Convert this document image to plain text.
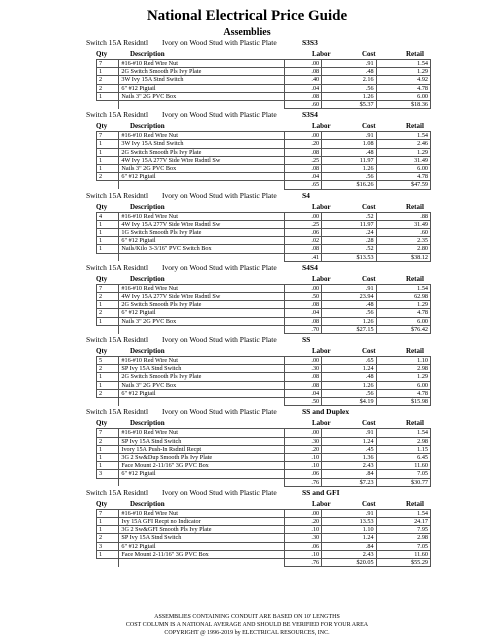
National Electrical Price Guide
Assemblies
Switch 15A Residntl Ivory on Wood Stud with Plastic Plate	S3S3
Qty	Description	Labor	Cost	Retail
7	#16-#10 Red Wire Nut	.00	.91	1.54
1	2G Switch Smooth Pls Ivy Plate	.08	.48	1.29
2	3W Ivy 15A Stnd Switch	.40	2.16	4.92
2	6" #12 Pigtail	.04	.56	4.78
1	Nails 3" 2G PVC Box	.08	1.26	6.00
		.60	$5.37	$18.36
Switch 15A Residntl Ivory on Wood Stud with Plastic Plate	S3S4
Qty	Description	Labor	Cost	Retail
7	#16-#10 Red Wire Nut	.00	.91	1.54
1	3W Ivy 15A Stnd Switch	.20	1.08	2.46
1	2G Switch Smooth Pls Ivy Plate	.08	.48	1.29
1	4W Ivy 15A 277V Side Wire Rsdntl Sw	.25	11.97	31.49
1	Nails 3" 2G PVC Box	.08	1.26	6.00
2	6" #12 Pigtail	.04	.56	4.78
		.65	$16.26	$47.59
Switch 15A Residntl Ivory on Wood Stud with Plastic Plate	S4
Qty	Description	Labor	Cost	Retail
4	#16-#10 Red Wire Nut	.00	.52	.88
1	4W Ivy 15A 277V Side Wire Rsdntl Sw	.25	11.97	31.49
1	1G Switch Smooth Pls Ivy Plate	.06	.24	.60
1	6" #12 Pigtail	.02	.28	2.35
1	Nails/Kilo 3-3/16" PVC Switch Box	.08	.52	2.80
		.41	$13.53	$38.12
Switch 15A Residntl Ivory on Wood Stud with Plastic Plate	S4S4
Qty	Description	Labor	Cost	Retail
7	#16-#10 Red Wire Nut	.00	.91	1.54
2	4W Ivy 15A 277V Side Wire Rsdntl Sw	.50	23.94	62.98
1	2G Switch Smooth Pls Ivy Plate	.08	.48	1.29
2	6" #12 Pigtail	.04	.56	4.78
1	Nails 3" 2G PVC Box	.08	1.26	6.00
		.70	$27.15	$76.42
Switch 15A Residntl Ivory on Wood Stud with Plastic Plate	SS
Qty	Description	Labor	Cost	Retail
5	#16-#10 Red Wire Nut	.00	.65	1.10
2	SP Ivy 15A Stnd Switch	.30	1.24	2.98
1	2G Switch Smooth Pls Ivy Plate	.08	.48	1.29
1	Nails 3" 2G PVC Box	.08	1.26	6.00
2	6" #12 Pigtail	.04	.56	4.78
		.50	$4.19	$15.98
Switch 15A Residntl Ivory on Wood Stud with Plastic Plate	SS and Duplex
Qty	Description	Labor	Cost	Retail
7	#16-#10 Red Wire Nut	.00	.91	1.54
2	SP Ivy 15A Stnd Switch	.30	1.24	2.98
1	Ivory 15A Push-In Rsdntl Recpt	.20	.45	1.15
1	3G 2 Sw&Dup Smooth Pls Ivy Plate	.10	1.36	6.45
1	Face Mount 2-11/16" 3G PVC Box	.10	2.43	11.60
3	6" #12 Pigtail	.06	.84	7.05
		.76	$7.23	$30.77
Switch 15A Residntl Ivory on Wood Stud with Plastic Plate	SS and GFI
Qty	Description	Labor	Cost	Retail
7	#16-#10 Red Wire Nut	.00	.91	1.54
1	Ivy 15A GFI Recpt no Indicator	.20	13.53	24.17
1	3G 2 Sw&GFI Smooth Pls Ivy Plate	.10	1.10	7.95
2	SP Ivy 15A Stnd Switch	.30	1.24	2.98
3	6" #12 Pigtail	.06	.84	7.05
1	Face Mount 2-11/16" 3G PVC Box	.10	2.43	11.60
		.76	$20.05	$55.29
ASSEMBLIES CONTAINING CONDUIT ARE BASED ON 10' LENGTHS
COST COLUMN IS A NATIONAL AVERAGE AND SHOULD BE VERIFIED FOR YOUR AREA
COPYRIGHT @ 1996-2019 by ELECTRICAL RESOURCES, INC.
